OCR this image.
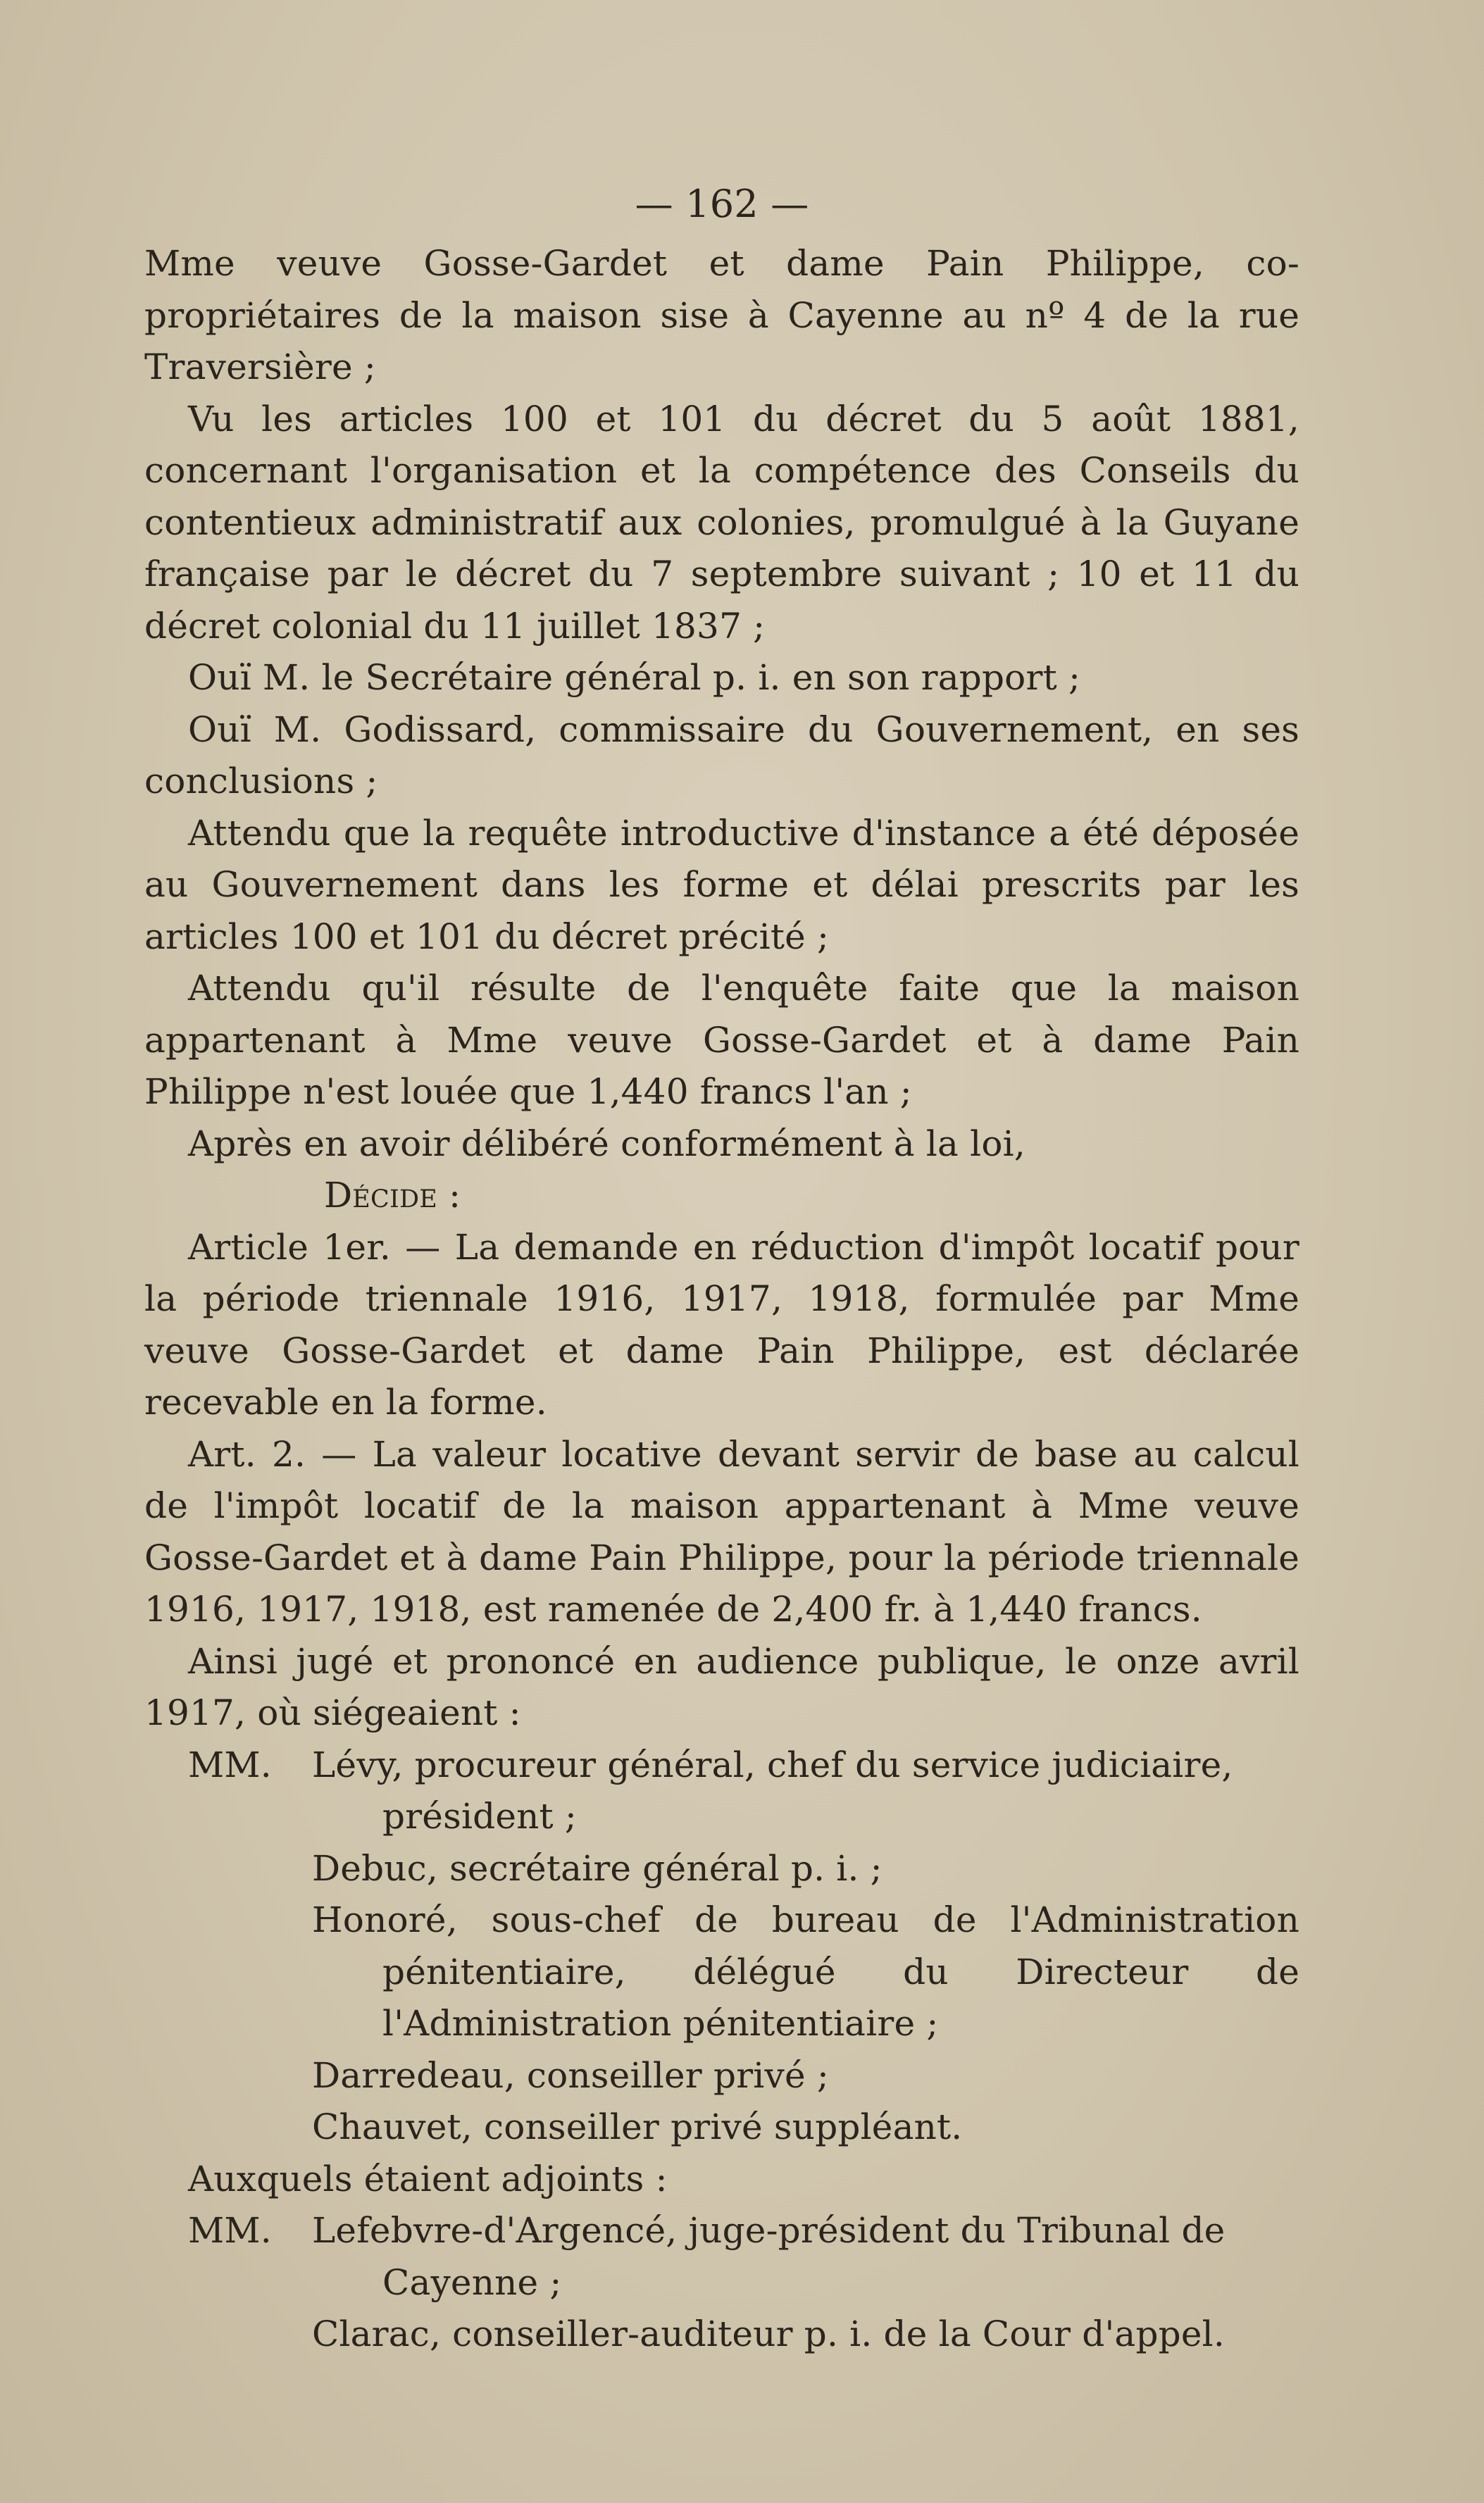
— 162 —

Mme veuve Gosse-Gardet et dame Pain Philippe, co-propriétaires de la maison sise à Cayenne au nº 4 de la rue Traversière ;

Vu les articles 100 et 101 du décret du 5 août 1881, concernant l'organisation et la compétence des Conseils du contentieux administratif aux colonies, promulgué à la Guyane française par le décret du 7 septembre suivant ; 10 et 11 du décret colonial du 11 juillet 1837 ;

Ouï M. le Secrétaire général p. i. en son rapport ;

Ouï M. Godissard, commissaire du Gouvernement, en ses conclusions ;

Attendu que la requête introductive d'instance a été déposée au Gouvernement dans les forme et délai prescrits par les articles 100 et 101 du décret précité ;

Attendu qu'il résulte de l'enquête faite que la maison appartenant à Mme veuve Gosse-Gardet et à dame Pain Philippe n'est louée que 1,440 francs l'an ;

Après en avoir délibéré conformément à la loi,

Décide :

Article 1er. — La demande en réduction d'impôt locatif pour la période triennale 1916, 1917, 1918, formulée par Mme veuve Gosse-Gardet et dame Pain Philippe, est déclarée recevable en la forme.

Art. 2. — La valeur locative devant servir de base au calcul de l'impôt locatif de la maison appartenant à Mme veuve Gosse-Gardet et à dame Pain Philippe, pour la période triennale 1916, 1917, 1918, est ramenée de 2,400 fr. à 1,440 francs.

Ainsi jugé et prononcé en audience publique, le onze avril 1917, où siégeaient :

MM.	Lévy, procureur général, chef du service judiciaire, président ;

Debuc, secrétaire général p. i. ;

Honoré, sous-chef de bureau de l'Administration pénitentiaire, délégué du Directeur de l'Administration pénitentiaire ;

Darredeau, conseiller privé ;

Chauvet, conseiller privé suppléant.

Auxquels étaient adjoints :

MM.	Lefebvre-d'Argencé, juge-président du Tribunal de Cayenne ;

Clarac, conseiller-auditeur p. i. de la Cour d'appel.
